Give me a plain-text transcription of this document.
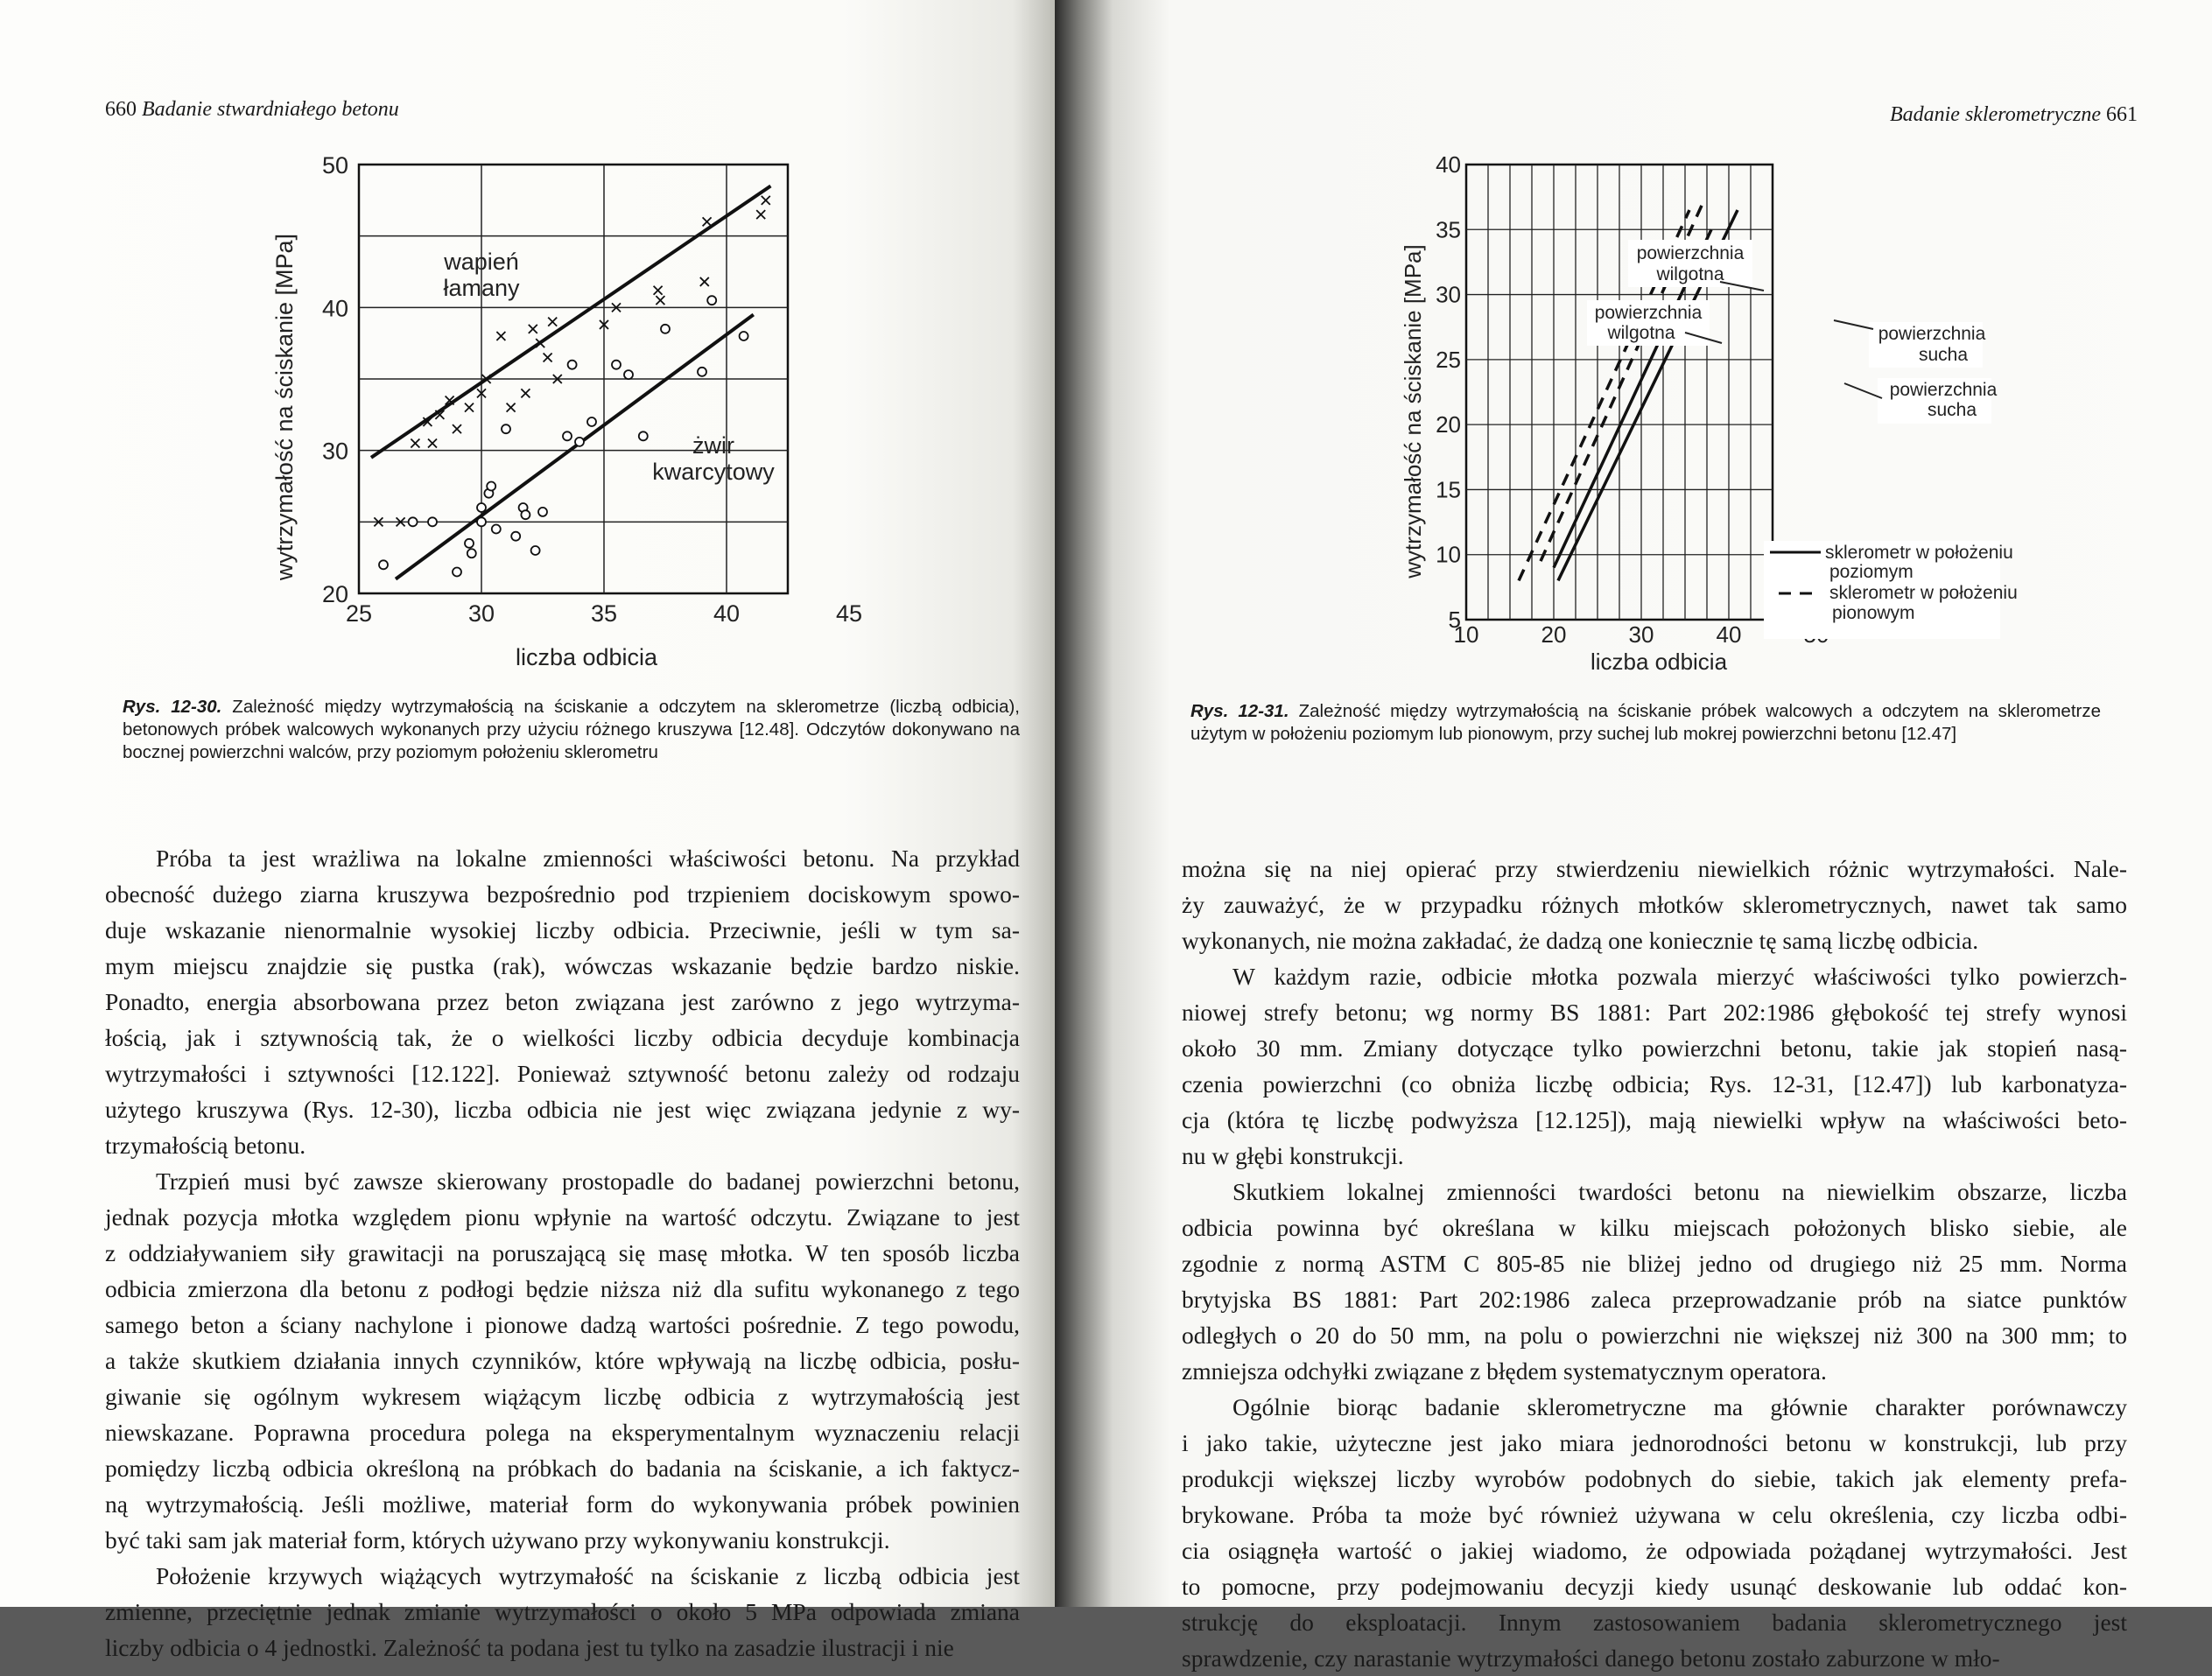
660 Badanie stwardniałego betonu
25	30	35	40	45
20
30
40
50
liczba odbicia
wytrzymałość na ściskanie [MPa]	wapień
łamany
żwir
kwarcytowy
Rys. 12-30. Zależność między wytrzymałością na ściskanie a odczytem na sklerometrze (liczbą odbicia), betonowych próbek walcowych wykonanych przy użyciu różnego kruszywa [12.48]. Odczytów dokonywano na bocznej powierzchni walców, przy poziomym położeniu sklerometru
Próba ta jest wrażliwa na lokalne zmienności właściwości betonu. Na przykład
obecność dużego ziarna kruszywa bezpośrednio pod trzpieniem dociskowym spowo-
duje wskazanie nienormalnie wysokiej liczby odbicia. Przeciwnie, jeśli w tym sa-
mym miejscu znajdzie się pustka (rak), wówczas wskazanie będzie bardzo niskie.
Ponadto, energia absorbowana przez beton związana jest zarówno z jego wytrzyma-
łością, jak i sztywnością tak, że o wielkości liczby odbicia decyduje kombinacja
wytrzymałości i sztywności [12.122]. Ponieważ sztywność betonu zależy od rodzaju
użytego kruszywa (Rys. 12-30), liczba odbicia nie jest więc związana jedynie z wy-
trzymałością betonu.
Trzpień musi być zawsze skierowany prostopadle do badanej powierzchni betonu,
jednak pozycja młotka względem pionu wpłynie na wartość odczytu. Związane to jest
z oddziaływaniem siły grawitacji na poruszającą się masę młotka. W ten sposób liczba
odbicia zmierzona dla betonu z podłogi będzie niższa niż dla sufitu wykonanego z tego
samego beton a ściany nachylone i pionowe dadzą wartości pośrednie. Z tego powodu,
a także skutkiem działania innych czynników, które wpływają na liczbę odbicia, posłu-
giwanie się ogólnym wykresem wiążącym liczbę odbicia z wytrzymałością jest
niewskazane. Poprawna procedura polega na eksperymentalnym wyznaczeniu relacji
pomiędzy liczbą odbicia określoną na próbkach do badania na ściskanie, a ich faktycz-
ną wytrzymałością. Jeśli możliwe, materiał form do wykonywania próbek powinien
być taki sam jak materiał form, których używano przy wykonywaniu konstrukcji.
Położenie krzywych wiążących wytrzymałość na ściskanie z liczbą odbicia jest
zmienne, przeciętnie jednak zmianie wytrzymałości o około 5 MPa odpowiada zmiana
liczby odbicia o 4 jednostki. Zależność ta podana jest tu tylko na zasadzie ilustracji i nie
Badanie sklerometryczne 661
10	20	30	40
5
10
15
20
25
30
35
40
liczba odbicia
wytrzymałość na ściskanie [MPa]	powierzchnia
wilgotna
powierzchnia
wilgotna	powierzchnia
sucha
powierzchnia
sucha
sklerometr w położeniu
poziomym
sklerometr w położeniu
pionowym
Rys. 12-31. Zależność między wytrzymałością na ściskanie próbek walcowych a odczytem na sklerometrze użytym w położeniu poziomym lub pionowym, przy suchej lub mokrej powierzchni betonu [12.47]
można się na niej opierać przy stwierdzeniu niewielkich różnic wytrzymałości. Nale-
ży zauważyć, że w przypadku różnych młotków sklerometrycznych, nawet tak samo
wykonanych, nie można zakładać, że dadzą one koniecznie tę samą liczbę odbicia.
W każdym razie, odbicie młotka pozwala mierzyć właściwości tylko powierzch-
niowej strefy betonu; wg normy BS 1881: Part 202:1986 głębokość tej strefy wynosi
około 30 mm. Zmiany dotyczące tylko powierzchni betonu, takie jak stopień nasą-
czenia powierzchni (co obniża liczbę odbicia; Rys. 12-31, [12.47]) lub karbonatyza-
cja (która tę liczbę podwyższa [12.125]), mają niewielki wpływ na właściwości beto-
nu w głębi konstrukcji.
Skutkiem lokalnej zmienności twardości betonu na niewielkim obszarze, liczba
odbicia powinna być określana w kilku miejscach położonych blisko siebie, ale
zgodnie z normą ASTM C 805-85 nie bliżej jedno od drugiego niż 25 mm. Norma
brytyjska BS 1881: Part 202:1986 zaleca przeprowadzanie prób na siatce punktów
odległych o 20 do 50 mm, na polu o powierzchni nie większej niż 300 na 300 mm; to
zmniejsza odchyłki związane z błędem systematycznym operatora.
Ogólnie biorąc badanie sklerometryczne ma głównie charakter porównawczy
i jako takie, użyteczne jest jako miara jednorodności betonu w konstrukcji, lub przy
produkcji większej liczby wyrobów podobnych do siebie, takich jak elementy prefa-
brykowane. Próba ta może być również używana w celu określenia, czy liczba odbi-
cia osiągnęła wartość o jakiej wiadomo, że odpowiada pożądanej wytrzymałości. Jest
to pomocne, przy podejmowaniu decyzji kiedy usunąć deskowanie lub oddać kon-
strukcję do eksploatacji. Innym zastosowaniem badania sklerometrycznego jest
sprawdzenie, czy narastanie wytrzymałości danego betonu zostało zaburzone w mło-
